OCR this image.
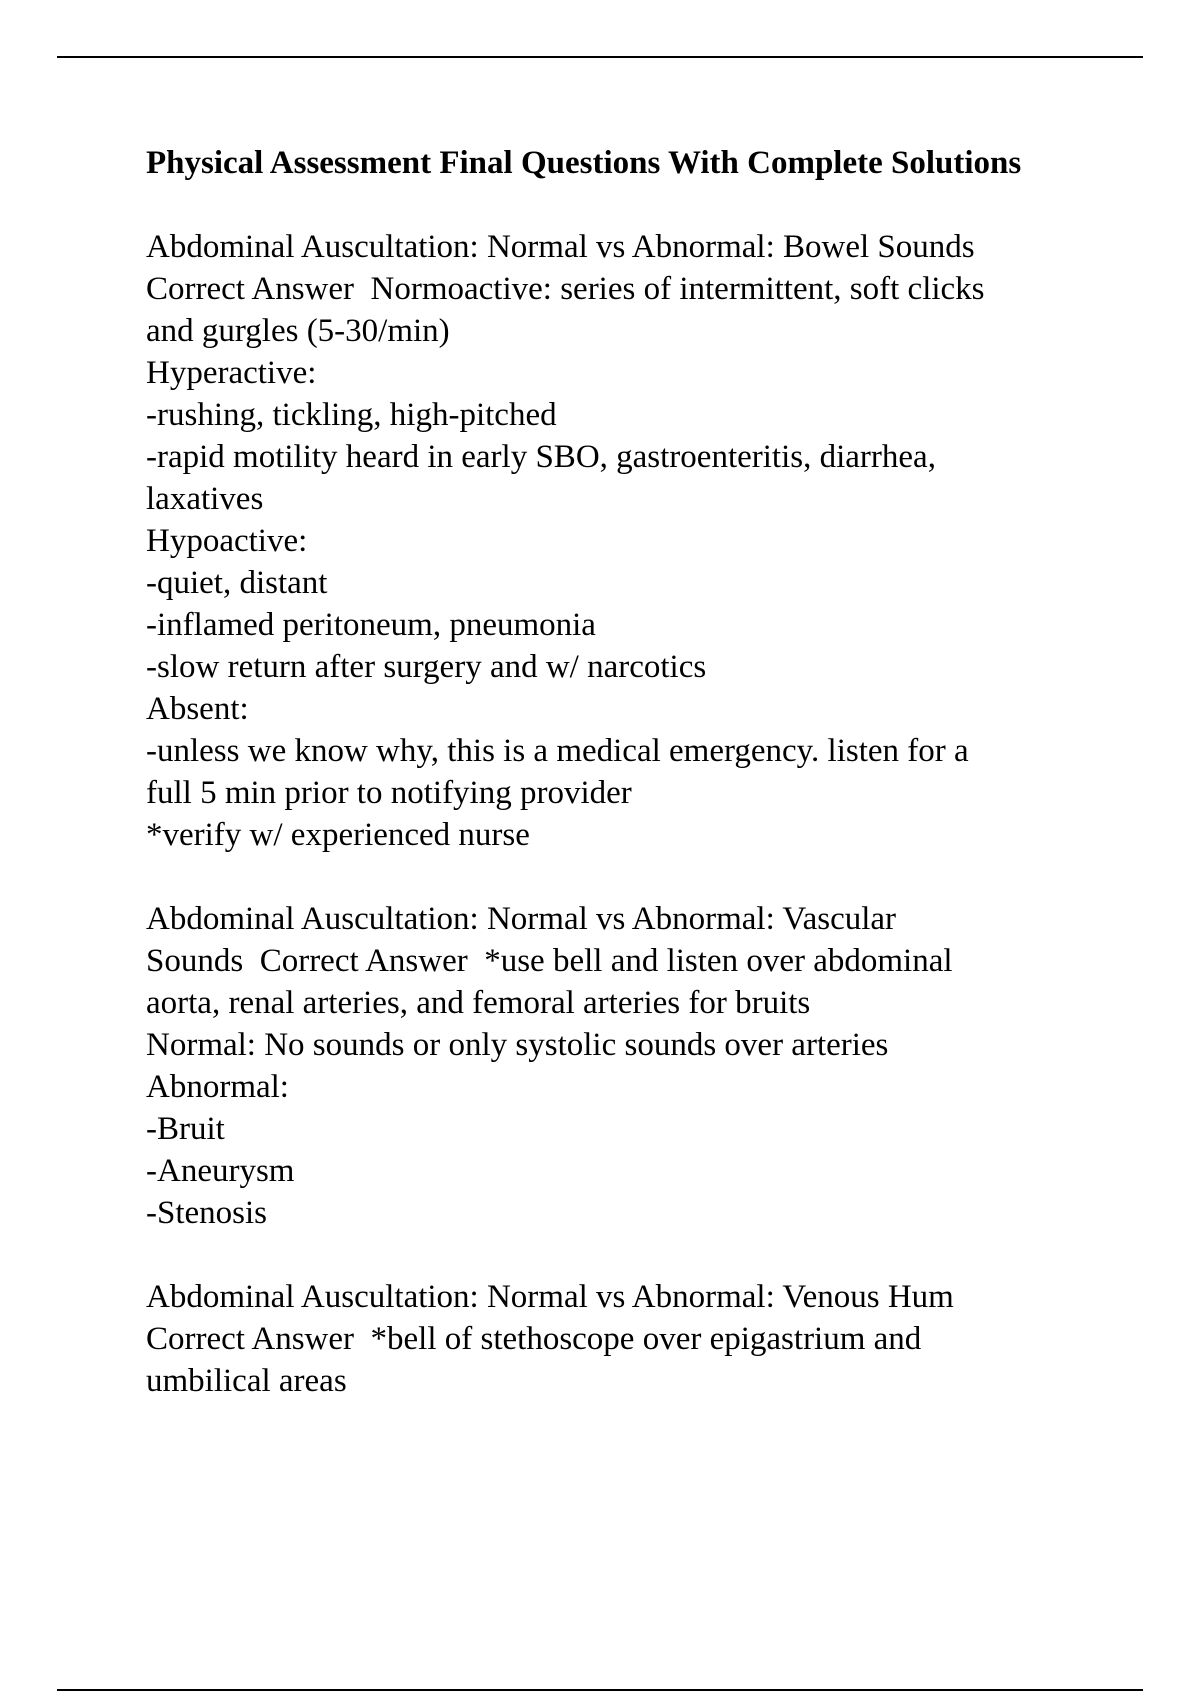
Physical Assessment Final Questions With Complete Solutions
Abdominal Auscultation: Normal vs Abnormal: Bowel Sounds
Correct Answer  Normoactive: series of intermittent, soft clicks
and gurgles (5-30/min)
Hyperactive:
-rushing, tickling, high-pitched
-rapid motility heard in early SBO, gastroenteritis, diarrhea,
laxatives
Hypoactive:
-quiet, distant
-inflamed peritoneum, pneumonia
-slow return after surgery and w/ narcotics
Absent:
-unless we know why, this is a medical emergency. listen for a
full 5 min prior to notifying provider
*verify w/ experienced nurse
Abdominal Auscultation: Normal vs Abnormal: Vascular
Sounds  Correct Answer  *use bell and listen over abdominal
aorta, renal arteries, and femoral arteries for bruits
Normal: No sounds or only systolic sounds over arteries
Abnormal:
-Bruit
-Aneurysm
-Stenosis
Abdominal Auscultation: Normal vs Abnormal: Venous Hum
Correct Answer  *bell of stethoscope over epigastrium and
umbilical areas
